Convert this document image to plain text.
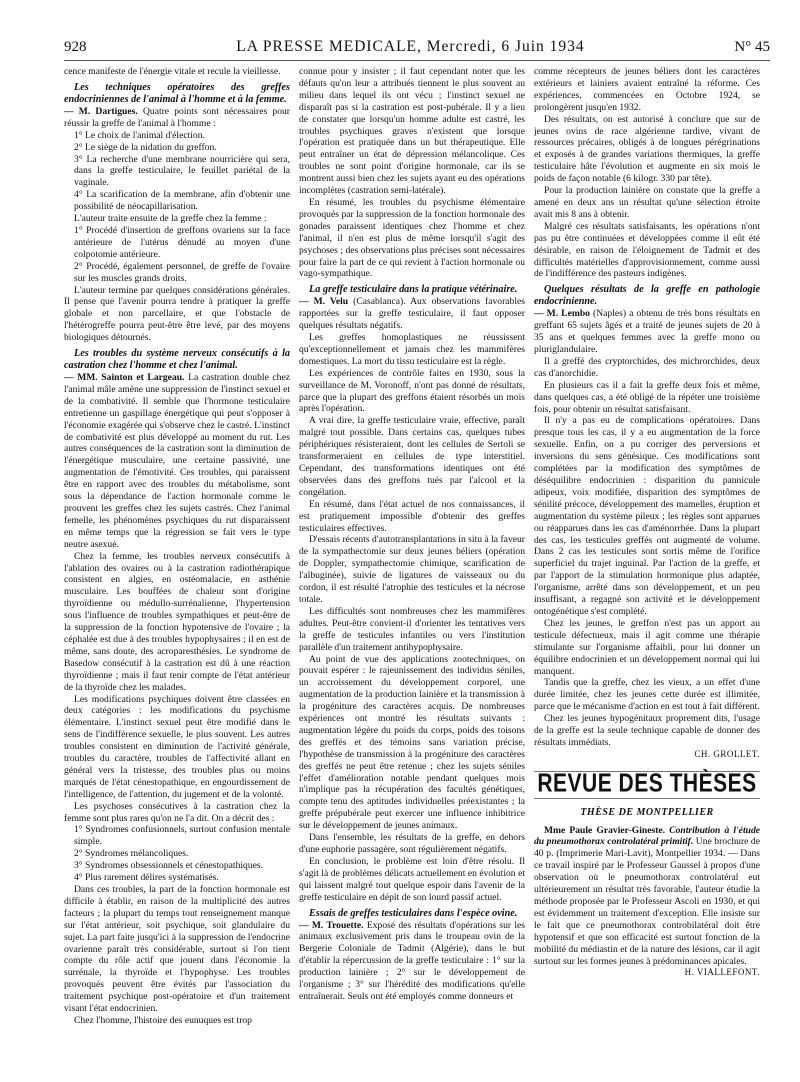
928	LA PRESSE MEDICALE, Mercredi, 6 Juin 1934	N° 45

cence manifeste de l'énergie vitale et recule la vieillesse.

Les techniques opératoires des greffes endocriniennes de l'animal à l'homme et à la femme.

— M. Dartigues. Quatre points sont nécessaires pour réussir la greffe de l'animal à l'homme :

1° Le choix de l'animal d'élection.

2° Le siège de la nidation du greffon.

3° La recherche d'une membrane nourricière qui sera, dans la greffe testiculaire, le feuillet pariétal de la vaginale.

4° La scarification de la membrane, afin d'obtenir une possibilité de néocapillarisation.

L'auteur traite ensuite de la greffe chez la femme :

1° Procédé d'insertion de greffons ovariens sur la face antérieure de l'utérus dénudé au moyen d'une colpotomie antérieure.

2° Procédé, également personnel, de greffe de l'ovaire sur les muscles grands droits.

L'auteur termine par quelques considérations générales. Il pense que l'avenir pourra tendre à pratiquer la greffe globale et non parcellaire, et que l'obstacle de l'hétérogreffe pourra peut-être être levé, par des moyens biologiques détournés.

Les troubles du système nerveux consécutifs à la castration chez l'homme et chez l'animal.

— MM. Sainton et Largeau. La castration double chez l'animal mâle amène une suppression de l'instinct sexuel et de la combativité. Il semble que l'hormone testiculaire entretienne un gaspillage énergétique qui peut s'opposer à l'économie exagérée qui s'observe chez le castré. L'instinct de combativité est plus développé au moment du rut. Les autres conséquences de la castration sont la diminution de l'énergétique musculaire, une certaine passivité, une augmentation de l'émotivité. Ces troubles, qui paraissent être en rapport avec des troubles du métabolisme, sont sous la dépendance de l'action hormonale comme le prouvent les greffes chez les sujets castrés. Chez l'animal femelle, les phénomènes psychiques du rut disparaissent en même temps que la régression se fait vers le type neutre asexué.

Chez la femme, les troubles nerveux consécutifs à l'ablation des ovaires ou à la castration radiothérapique consistent en algies, en ostéomalacie, en asthénie musculaire. Les bouffées de chaleur sont d'origine thyroïdienne ou médullo-surrénalienne, l'hypertension sous l'influence de troubles sympathiques et peut-être de la suppression de la fonction hypotensive de l'ovaire ; la céphalée est due à des troubles hypophysaires ; il en est de même, sans doute, des acroparesthésies. Le syndrome de Basedow consécutif à la castration est dû à une réaction thyroïdienne ; mais il faut tenir compte de l'état antérieur de la thyroïde chez les malades.

Les modifications psychiques doivent être classées en deux catégories : les modifications du psychisme élémentaire. L'instinct sexuel peut être modifié dans le sens de l'indifférence sexuelle, le plus souvent. Les autres troubles consistent en diminution de l'activité générale, troubles du caractère, troubles de l'affectivité allant en général vers la tristesse, des troubles plus ou moins marqués de l'état cénestopathique, en engourdissement de l'intelligence, de l'attention, du jugement et de la volonté.

Les psychoses consécutives à la castration chez la femme sont plus rares qu'on ne l'a dit. On a décrit des :

1° Syndromes confusionnels, surtout confusion mentale simple.

2° Syndromes mélancoliques.

3° Syndromes obsessionnels et cénestopathiques.

4° Plus rarement délires systématisés.

Dans ces troubles, la part de la fonction hormonale est difficile à établir, en raison de la multiplicité des autres facteurs ; la plupart du temps tout renseignement manque sur l'état antérieur, soit psychique, soit glandulaire du sujet. La part faite jusqu'ici à la suppression de l'endocrine ovarienne paraît très considérable, surtout si l'on tient compte du rôle actif que jouent dans l'économie la surrénale, la thyroïde et l'hypophyse. Les troubles provoqués peuvent être évités par l'association du traitement psychique post-opératoire et d'un traitement visant l'état endocrinien.

Chez l'homme, l'histoire des eunuques est trop

connue pour y insister ; il faut cependant noter que les défauts qu'on leur a attribués tiennent le plus souvent au milieu dans lequel ils ont vécu ; l'instinct sexuel ne disparaît pas si la castration est post-pubérale. Il y a lieu de constater que lorsqu'un homme adulte est castré, les troubles psychiques graves n'existent que lorsque l'opération est pratiquée dans un but thérapeutique. Elle peut entraîner un état de dépression mélancolique. Ces troubles ne sont point d'origine hormonale, car ils se montrent aussi bien chez les sujets ayant eu des opérations incomplètes (castration semi-latérale).

En résumé, les troubles du psychisme élémentaire provoqués par la suppression de la fonction hormonale des gonades paraissent identiques chez l'homme et chez l'animal, il n'en est plus de même lorsqu'il s'agit des psychoses ; des observations plus précises sont nécessaires pour faire la part de ce qui revient à l'action hormonale ou vago-sympathique.

La greffe testiculaire dans la pratique vétérinaire.

— M. Velu (Casablanca). Aux observations favorables rapportées sur la greffe testiculaire, il faut opposer quelques résultats négatifs.

Les greffes homoplastiques ne réussissent qu'exceptionnellement et jamais chez les mammifères domestiques. La mort du tissu testiculaire est la règle.

Les expériences de contrôle faites en 1930, sous la surveillance de M. Voronoff, n'ont pas donné de résultats, parce que la plupart des greffons étaient résorbés un mois après l'opération.

A vrai dire, la greffe testiculaire vraie, effective, paraît malgré tout possible. Dans certains cas, quelques tubes périphériques résisteraient, dont les cellules de Sertoli se transformeraient en cellules de type interstitiel. Cependant, des transformations identiques ont été observées dans des greffons tués par l'alcool et la congélation.

En résumé, dans l'état actuel de nos connaissances, il est pratiquement impossible d'obtenir des greffes testiculaires effectives.

D'essais récents d'autotransplantations in situ à la faveur de la sympathectomie sur deux jeunes béliers (opération de Doppler, sympathectomie chimique, scarification de l'albuginée), suivie de ligatures de vaisseaux ou du cordon, il est résulté l'atrophie des testicules et la nécrose totale.

Les difficultés sont nombreuses chez les mammifères adultes. Peut-être convient-il d'orienter les tentatives vers la greffe de testicules infantiles ou vers l'institution parallèle d'un traitement antihypophysaire.

Au point de vue des applications zootechniques, on pouvait espérer : le rajeunissement des individus séniles, un accroissement du développement corporel, une augmentation de la production lainière et la transmission à la progéniture des caractères acquis. De nombreuses expériences ont montré les résultats suivants : augmentation légère du poids du corps, poids des toisons des greffés et des témoins sans variation précise, l'hypothèse de transmission à la progéniture des caractères des greffés ne peut être retenue ; chez les sujets séniles l'effet d'amélioration notable pendant quelques mois n'implique pas la récupération des facultés génétiques, compte tenu des aptitudes individuelles préexistantes ; la greffe prépubérale peut exercer une influence inhibitrice sur le développement de jeunes animaux.

Dans l'ensemble, les résultats de la greffe, en dehors d'une euphorie passagère, sont régulièrement négatifs.

En conclusion, le problème est loin d'être résolu. Il s'agit là de problèmes délicats actuellement en évolution et qui laissent malgré tout quelque espoir dans l'avenir de la greffe testiculaire en dépit de son lourd passif actuel.

Essais de greffes testiculaires dans l'espèce ovine.

— M. Trouette. Exposé des résultats d'opérations sur les animaux exclusivement pris dans le troupeau ovin de la Bergerie Coloniale de Tadmit (Algérie), dans le but d'établir la répercussion de la greffe testiculaire : 1° sur la production lainière ; 2° sur le développement de l'organisme ; 3° sur l'hérédité des modifications qu'elle entraînerait. Seuls ont été employés comme donneurs et

comme récepteurs de jeunes béliers dont les caractères extérieurs et lainiers avaient entraîné la réforme. Ces expériences, commencées en Octobre 1924, se prolongèrent jusqu'en 1932.

Des résultats, on est autorisé à conclure que sur de jeunes ovins de race algérienne tardive, vivant de ressources précaires, obligés à de longues pérégrinations et exposés à de grandes variations thermiques, la greffe testiculaire hâte l'évolution et augmente en six mois le poids de façon notable (6 kilogr. 330 par tête).

Pour la production lainière on constate que la greffe a amené en deux ans un résultat qu'une sélection étroite avait mis 8 ans à obtenir.

Malgré ces résultats satisfaisants, les opérations n'ont pas pu être continuées et développées comme il eût été désirable, en raison de l'éloignement de Tadmit et des difficultés matérielles d'approvisionnement, comme aussi de l'indifférence des pasteurs indigènes.

Quelques résultats de la greffe en pathologie endocrinienne.

— M. Lembo (Naples) a obtenu de très bons résultats en greffant 65 sujets âgés et a traité de jeunes sujets de 20 à 35 ans et quelques femmes avec la greffe mono ou pluriglandulaire.

Il a greffé des cryptorchides, des michrorchides, deux cas d'anorchidie.

En plusieurs cas il a fait la greffe deux fois et même, dans quelques cas, a été obligé de la répéter une troisième fois, pour obtenir un résultat satisfaisant.

Il n'y a pas eu de complications opératoires. Dans presque tous les cas, il y a eu augmentation de la force sexuelle. Enfin, on a pu corriger des perversions et inversions du sens génésique. Ces modifications sont complétées par la modification des symptômes de déséquilibre endocrinien : disparition du pannicule adipeux, voix modifiée, disparition des symptômes de sénilité précoce, développement des mamelles, éruption et augmentation du système pileux ; les règles sont apparues ou réapparues dans les cas d'aménorrhée. Dans la plupart des cas, les testicules greffés ont augmenté de volume. Dans 2 cas les testicules sont sortis même de l'orifice superficiel du trajet inguinal. Par l'action de la greffe, et par l'apport de la stimulation hormonique plus adaptée, l'organisme, arrêté dans son développement, et un peu insuffisant, a regagné son activité et le développement ontogénétique s'est complété.

Chez les jeunes, le greffon n'est pas un apport au testicule défectueux, mais il agit comme une thérapie stimulante sur l'organisme affaibli, pour lui donner un équilibre endocrinien et un développement normal qui lui manquent.

Tandis que la greffe, chez les vieux, a un effet d'une durée limitée, chez les jeunes cette durée est illimitée, parce que le mécanisme d'action en est tout à fait différent.

Chez les jeunes hypogénitaux proprement dits, l'usage de la greffe est la seule technique capable de donner des résultats immédiats.

CH. GROLLET.

REVUE DES THÈSES
THÈSE DE MONTPELLIER

Mme Paule Gravier-Gineste. Contribution à l'étude du pneumothorax controlatéral primitif. Une brochure de 40 p. (Imprimerie Mari-Lavit), Montpellier 1934. — Dans ce travail inspiré par le Professeur Gaussel à propos d'une observation où le pneumothorax controlatéral eut ultérieurement un résultat très favorable, l'auteur étudie la méthode proposée par le Professeur Ascoli en 1930, et qui est évidemment un traitement d'exception. Elle insiste sur le fait que ce pneumothorax controbilatéral doit être hypotensif et que son efficacité est surtout fonction de la mobilité du médiastin et de la nature des lésions, car il agit surtout sur les formes jeunes à prédominances apicales.

H. VIALLEFONT.
